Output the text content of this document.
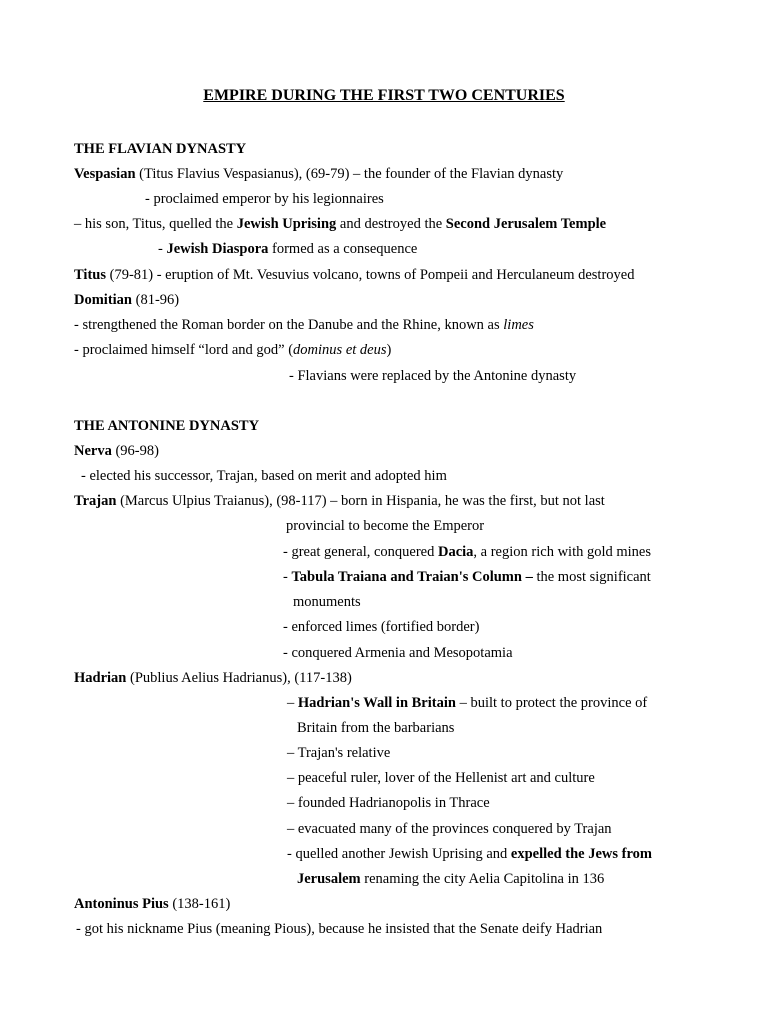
EMPIRE DURING THE FIRST TWO CENTURIES
THE FLAVIAN DYNASTY
Vespasian (Titus Flavius Vespasianus), (69-79) – the founder of the Flavian dynasty
- proclaimed emperor by his legionnaires
– his son, Titus, quelled the Jewish Uprising and destroyed the Second Jerusalem Temple
- Jewish Diaspora formed as a consequence
Titus (79-81) - eruption of Mt. Vesuvius volcano, towns of Pompeii and Herculaneum destroyed
Domitian (81-96)
- strengthened the Roman border on the Danube and the Rhine, known as limes
- proclaimed himself “lord and god” (dominus et deus)
- Flavians were replaced by the Antonine dynasty
THE ANTONINE DYNASTY
Nerva (96-98)
- elected his successor, Trajan, based on merit and adopted him
Trajan (Marcus Ulpius Traianus), (98-117) – born in Hispania, he was the first, but not last
provincial to become the Emperor
- great general, conquered Dacia, a region rich with gold mines
- Tabula Traiana and Traian's Column – the most significant
monuments
- enforced limes (fortified border)
- conquered Armenia and Mesopotamia
Hadrian (Publius Aelius Hadrianus), (117-138)
– Hadrian's Wall in Britain – built to protect the province of
Britain from the barbarians
– Trajan's relative
– peaceful ruler, lover of the Hellenist art and culture
– founded Hadrianopolis in Thrace
– evacuated many of the provinces conquered by Trajan
- quelled another Jewish Uprising and expelled the Jews from
Jerusalem renaming the city Aelia Capitolina in 136
Antoninus Pius (138-161)
- got his nickname Pius (meaning Pious), because he insisted that the Senate deify Hadrian
